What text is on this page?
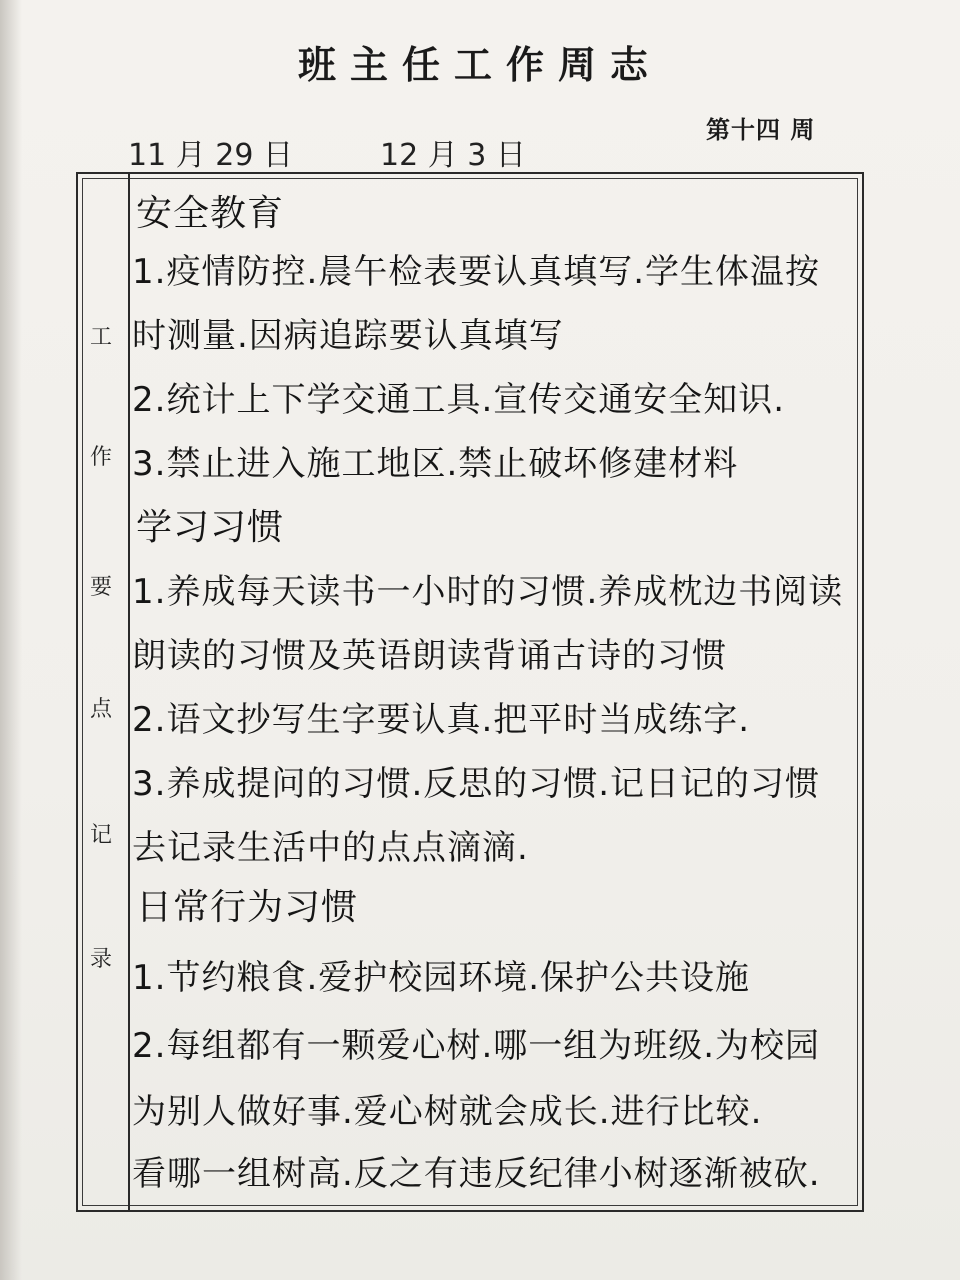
班主任工作周志
11 月 29 日	12 月 3 日
第十四 周
工
作
要
点
记
录
安全教育
1.疫情防控.晨午检表要认真填写.学生体温按
时测量.因病追踪要认真填写
2.统计上下学交通工具.宣传交通安全知识.
3.禁止进入施工地区.禁止破坏修建材料
学习习惯
1.养成每天读书一小时的习惯.养成枕边书阅读
朗读的习惯及英语朗读背诵古诗的习惯
2.语文抄写生字要认真.把平时当成练字.
3.养成提问的习惯.反思的习惯.记日记的习惯
去记录生活中的点点滴滴.
日常行为习惯
1.节约粮食.爱护校园环境.保护公共设施
2.每组都有一颗爱心树.哪一组为班级.为校园
为别人做好事.爱心树就会成长.进行比较.
看哪一组树高.反之有违反纪律小树逐渐被砍.
